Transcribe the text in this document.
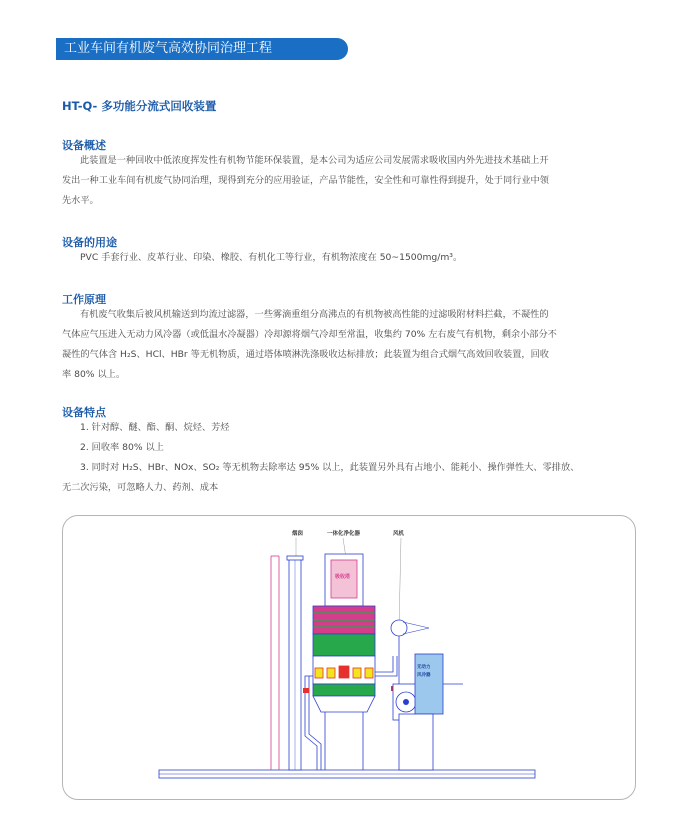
工业车间有机废气高效协同治理工程
HT-Q- 多功能分流式回收装置
设备概述
此装置是一种回收中低浓度挥发性有机物节能环保装置，是本公司为适应公司发展需求吸收国内外先进技术基础上开
发出一种工业车间有机废气协同治理，现得到充分的应用验证，产品节能性，安全性和可靠性得到提升，处于同行业中领
先水平。
设备的用途
PVC 手套行业、皮革行业、印染、橡胶、有机化工等行业，有机物浓度在 50~1500mg/m³。
工作原理
有机废气收集后被风机输送到均流过滤器，一些雾滴重组分高沸点的有机物被高性能的过滤吸附材料拦截，不凝性的
气体应气压进入无动力风冷器（或低温水冷凝器）冷却源将烟气冷却至常温，收集约 70% 左右废气有机物，剩余小部分不
凝性的气体含 H₂S、HCl、HBr 等无机物质，通过塔体喷淋洗涤吸收达标排放；此装置为组合式烟气高效回收装置，回收
率 80% 以上。
设备特点
1. 针对醇、醚、酯、酮、烷烃、芳烃
2. 回收率 80% 以上
3. 同时对 H₂S、HBr、NOx、SO₂ 等无机物去除率达 95% 以上，此装置另外具有占地小、能耗小、操作弹性大、零排放、
无二次污染，可忽略人力、药剂、成本
烟囱	一体化净化器	风机
吸收塔
无动力
风冷器
